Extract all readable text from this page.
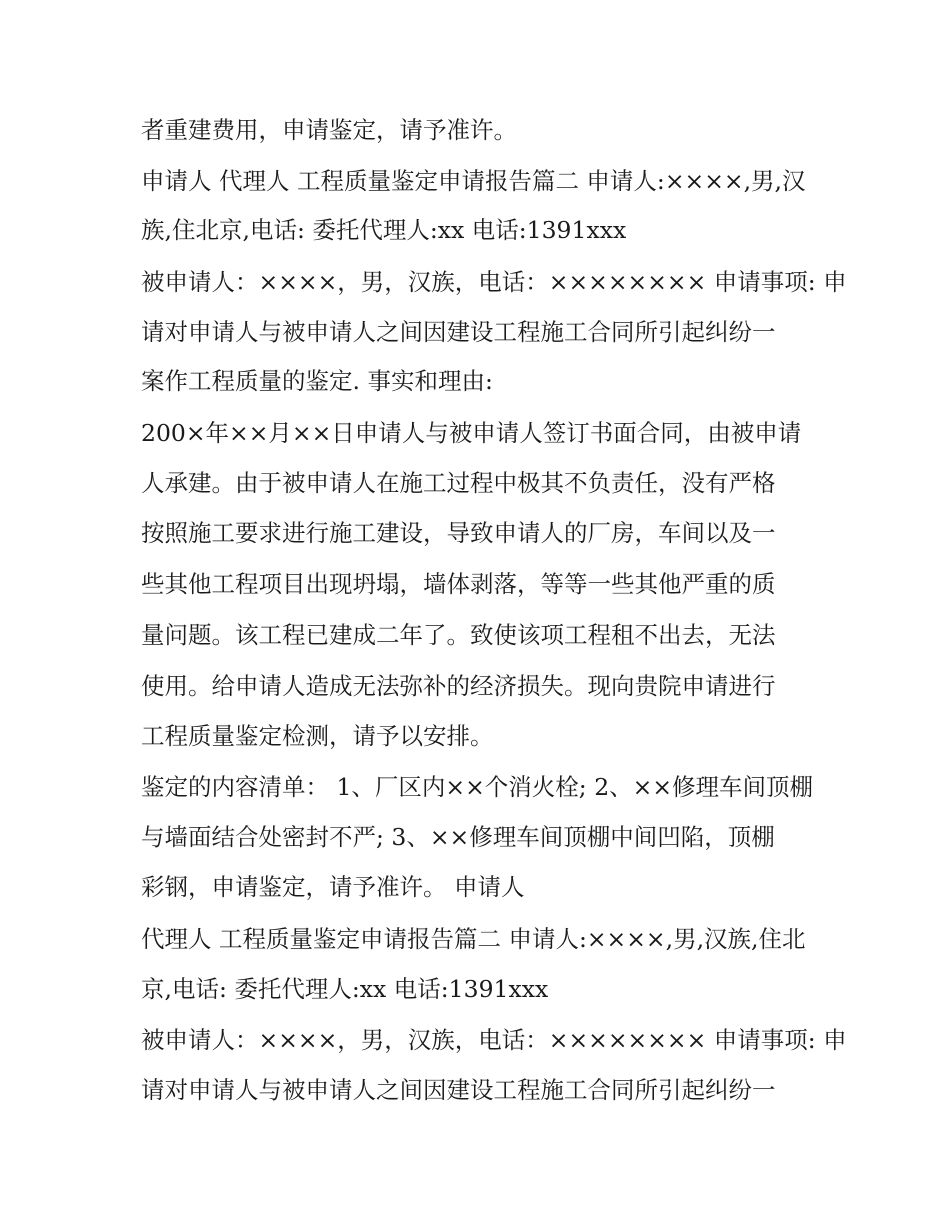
者重建费用，申请鉴定，请予准许。
申请人 代理人 工程质量鉴定申请报告篇二 申请人:××××,男,汉
族,住北京,电话: 委托代理人:xx 电话:1391xxx
被申请人：××××，男，汉族，电话：×××××××× 申请事项: 申
请对申请人与被申请人之间因建设工程施工合同所引起纠纷一
案作工程质量的鉴定. 事实和理由:
200×年××月××日申请人与被申请人签订书面合同，由被申请
人承建。由于被申请人在施工过程中极其不负责任，没有严格
按照施工要求进行施工建设，导致申请人的厂房，车间以及一
些其他工程项目出现坍塌，墙体剥落，等等一些其他严重的质
量问题。该工程已建成二年了。致使该项工程租不出去，无法
使用。给申请人造成无法弥补的经济损失。现向贵院申请进行
工程质量鉴定检测，请予以安排。
鉴定的内容清单： 1、厂区内××个消火栓; 2、××修理车间顶棚
与墙面结合处密封不严; 3、××修理车间顶棚中间凹陷，顶棚
彩钢，申请鉴定，请予准许。 申请人
代理人 工程质量鉴定申请报告篇二 申请人:××××,男,汉族,住北
京,电话: 委托代理人:xx 电话:1391xxx
被申请人：××××，男，汉族，电话：×××××××× 申请事项: 申
请对申请人与被申请人之间因建设工程施工合同所引起纠纷一
